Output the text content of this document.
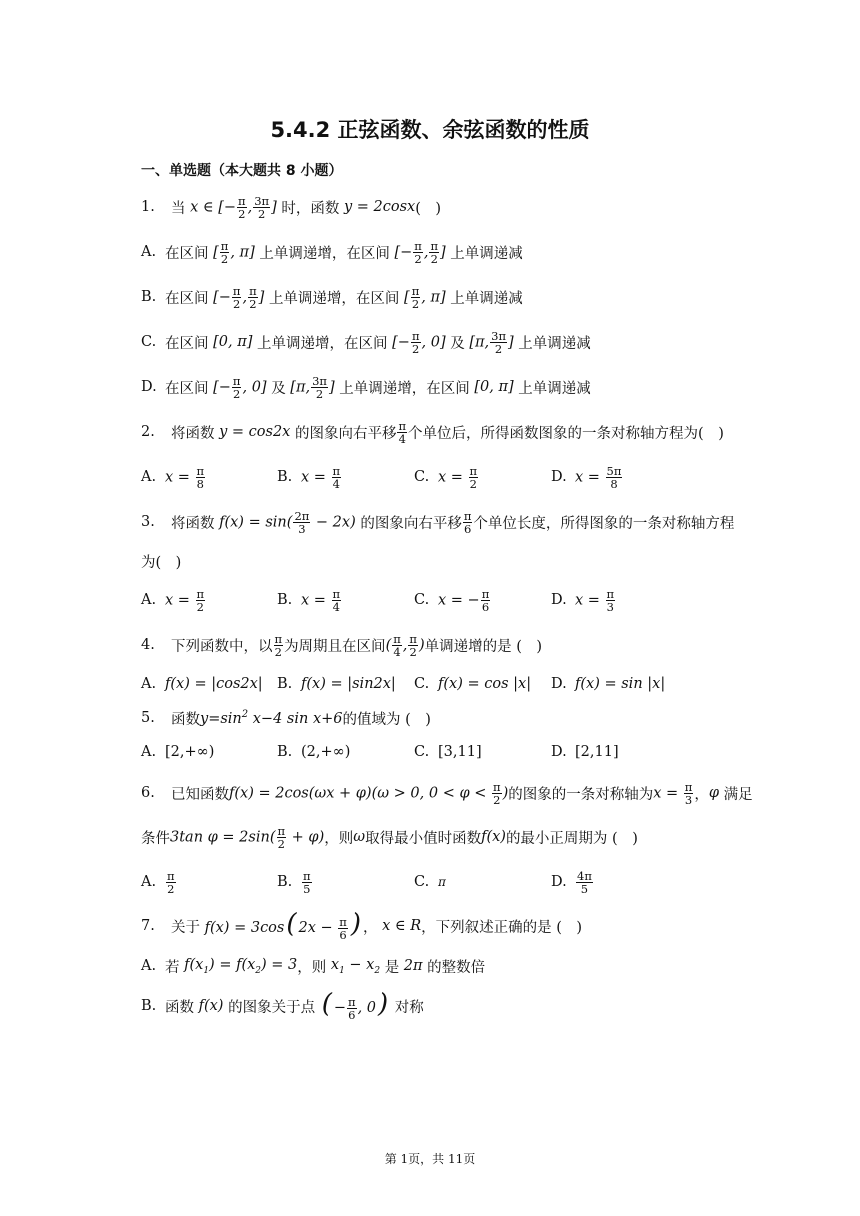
5.4.2 正弦函数、余弦函数的性质
一、单选题（本大题共 8 小题）
1.	当 x ∈ [− $\frac{\pi}{2}$ , $\frac{3\pi}{2}$ ] 时，函数 y = 2cosx (　)
A. 在区间 [ $\frac{\pi}{2}$ , π] 上单调递增，在区间 [− $\frac{\pi}{2}$ , $\frac{\pi}{2}$ ] 上单调递减
B. 在区间 [− $\frac{\pi}{2}$ , $\frac{\pi}{2}$ ] 上单调递增，在区间 [ $\frac{\pi}{2}$ , π] 上单调递减
C. 在区间 [0, π] 上单调递增，在区间 [− $\frac{\pi}{2}$ , 0] 及 [π, $\frac{3\pi}{2}$ ] 上单调递减
D. 在区间 [− $\frac{\pi}{2}$ , 0] 及 [π, $\frac{3\pi}{2}$ ] 上单调递增，在区间 [0, π] 上单调递减
2.	将函数 y = cos2x 的图象向右平移 $\frac{\pi}{4}$ 个单位后，所得函数图象的一条对称轴方程为(　)
A. $x = \frac{\pi}{8}$	B. $x = \frac{\pi}{4}$	C. $x = \frac{\pi}{2}$	D. $x = \frac{5\pi}{8}$
3.	将函数 $f(x) = \sin( \frac{2\pi}{3} - 2x)$ 的图象向右平移 $\frac{\pi}{6}$ 个单位长度，所得图象的一条对称轴方程
为(　)
A. $x = \frac{\pi}{2}$	B. $x = \frac{\pi}{4}$	C. x = − $\frac{\pi}{6}$	D. $x = \frac{\pi}{3}$
4.	下列函数中，以 $\frac{\pi}{2}$ 为周期且在区间 ( $\frac{\pi}{4}$ , $\frac{\pi}{2}$ ) 单调递增的是 (　)
A. f(x) = |cos2x| B. f(x) = |sin2x| C. f(x) = cos |x| D. f(x) = sin |x|
5.	函数 $y=\sin^2$ x−4 sin x+6 的值域为 (　)
A. [2,+∞)	B. (2,+∞)	C. [3,11]	D. [2,11]
6.	已知函数 f(x) = 2cos(ωx + φ)(ω > 0, $0 < \varphi < \frac{\pi}{2}$ ) 的图象的一条对称轴为 $x = \frac{\pi}{3}$ ， φ 满足
条件 3tan $\varphi = 2\sin( \frac{\pi}{2} + \varphi)$ ，则 ω 取得最小值时函数 f(x) 的最小正周期为 (　)
A. $\frac{\pi}{2}$	B. $\frac{\pi}{5}$	C. π	D. $\frac{4\pi}{5}$
7.	关于 f(x) = 3cos( $2x - \frac{\pi}{6}$ ) ， x ∈ R ，下列叙述正确的是 (　)
A. 若 $f(x_1) = f(x_2) = 3$ ，则 $x_1 - x_2$ 是 2π 的整数倍
B. 函数 f(x) 的图象关于点 ( − $\frac{\pi}{6}$ , 0) 对称
第 1页，共 11页
